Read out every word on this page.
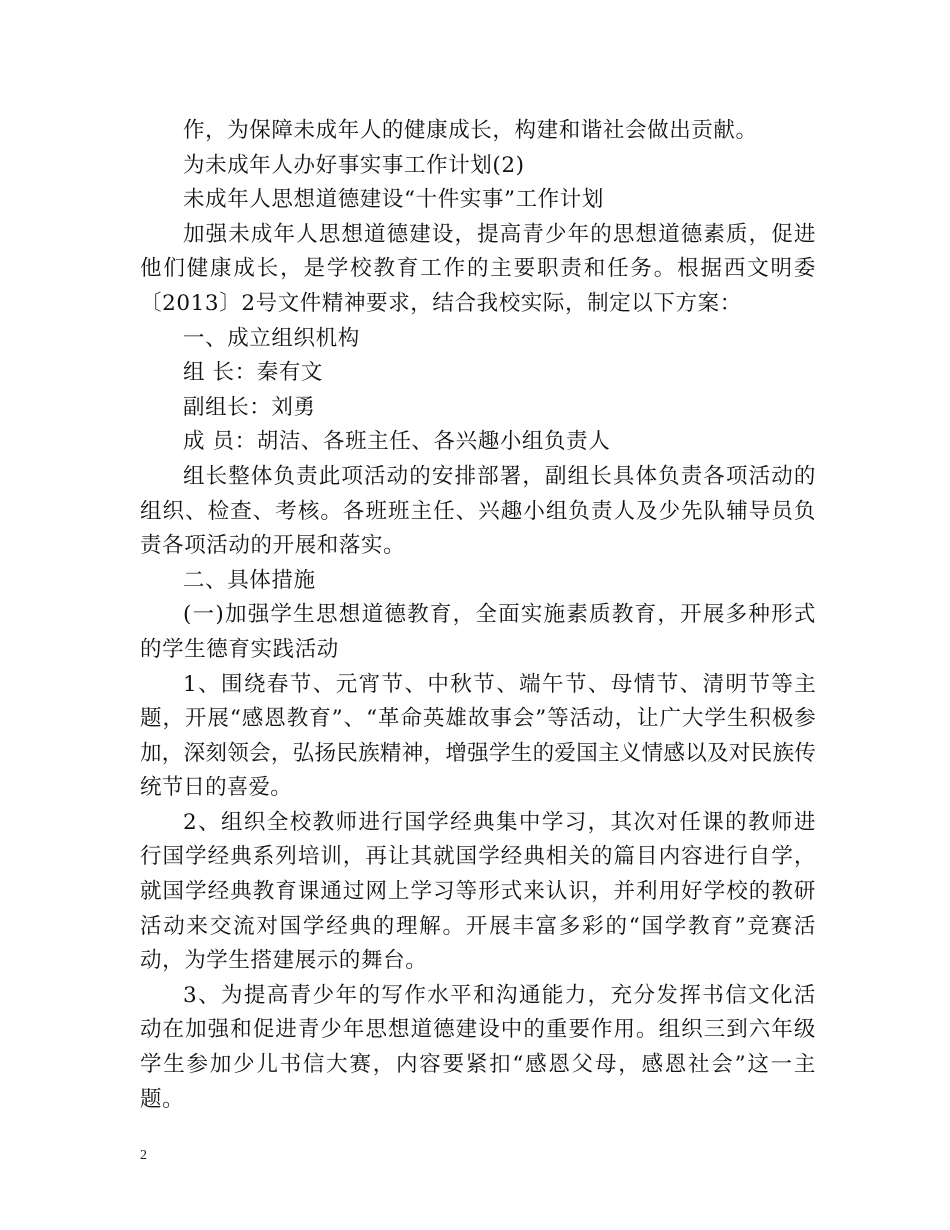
作，为保障未成年人的健康成长，构建和谐社会做出贡献。

为未成年人办好事实事工作计划(2)

未成年人思想道德建设“十件实事”工作计划

加强未成年人思想道德建设，提高青少年的思想道德素质，促进他们健康成长，是学校教育工作的主要职责和任务。根据西文明委〔2013〕2号文件精神要求，结合我校实际，制定以下方案：

一、成立组织机构

组 长：秦有文

副组长：刘勇

成 员：胡洁、各班主任、各兴趣小组负责人

组长整体负责此项活动的安排部署，副组长具体负责各项活动的组织、检查、考核。各班班主任、兴趣小组负责人及少先队辅导员负责各项活动的开展和落实。

二、具体措施

(一)加强学生思想道德教育，全面实施素质教育，开展多种形式的学生德育实践活动

1、围绕春节、元宵节、中秋节、端午节、母情节、清明节等主题，开展“感恩教育”、“革命英雄故事会”等活动，让广大学生积极参加，深刻领会，弘扬民族精神，增强学生的爱国主义情感以及对民族传统节日的喜爱。

2、组织全校教师进行国学经典集中学习，其次对任课的教师进行国学经典系列培训，再让其就国学经典相关的篇目内容进行自学，就国学经典教育课通过网上学习等形式来认识，并利用好学校的教研活动来交流对国学经典的理解。开展丰富多彩的“国学教育”竞赛活动，为学生搭建展示的舞台。

3、为提高青少年的写作水平和沟通能力，充分发挥书信文化活动在加强和促进青少年思想道德建设中的重要作用。组织三到六年级学生参加少儿书信大赛，内容要紧扣“感恩父母，感恩社会”这一主题。

2
